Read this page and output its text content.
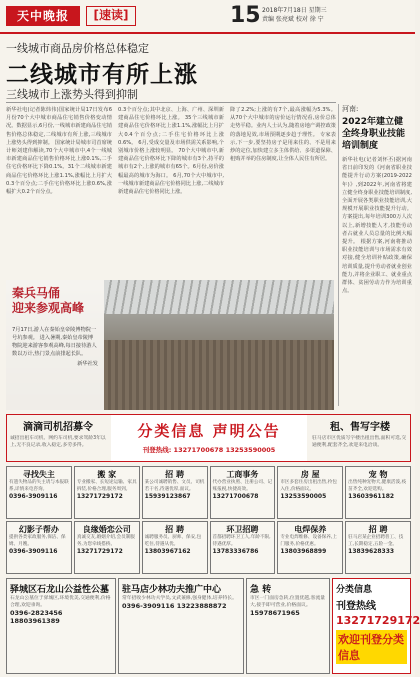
天中晚报	[速读]	15 2018年7月18日 星期三
责编 张亮斌 校对 徐 宁
一线城市商品房价格总体稳定
二线城市有所上涨
三线城市上涨势头得到抑制
新华社电(记者陈炜伟)国家统计局17日发布6月份70个大中城市商品住宅销售价格变动情况。数据显示,6月份,一线城市新建商品住宅销售价格总体稳定,二线城市有所上涨,三线城市上涨势头得到抑制。 国家统计局城市司首席统计师刘建伟解读,70个大中城市中,4个一线城市新建商品住宅销售价格环比上涨0.1%,二手住宅价格环比下降0.1%。31个二线城市新建商品住宅价格环比上涨1.1%,涨幅比上月扩大0.3个百分点;二手住宅价格环比上涨0.6%,涨幅扩大0.2个百分点。
0.3个百分点;其中北京、上海、广州、深圳新建商品住宅价格环比上涨。 35个三线城市新建商品住宅价格环比上涨1.1%,涨幅比上月扩大0.4个百分点;二手住宅价格环比上涨0.6%。 6月,受成交量及市场供需关系影响,个别城市价格上涨较明显。 70个大中城市中,新建商品住宅价格环比下降的城市有3个,持平的城市有2个,上涨的城市有65个。6月份,房价涨幅最高的城市为海口。 6月,70个大中城市中,一线城市新建商品住宅价格同比上涨,二线城市新建商品住宅价格同比上涨。
降了2.2%;上涨的有7个,最高涨幅为5.3%。 从70个大中城市的房价运行情况看,房价总体走势平稳。业内人士认为,随着房地产调控政策的落地见效,市场预期逐步趋于理性。 专家表示,下一步,要坚持房子是用来住的、不是用来炒的定位,加快建立多主体供给、多渠道保障、租购并举的住房制度,让全体人民住有所居。
河南:
2022年建立健全终身职业技能培训制度
新华社电(记者刘怀丕)据河南省日前印发的《河南省职业技能提升行动方案(2019-2022年)》,到2022年,河南省将建立健全终身职业技能培训制度,全面开展各类职业技能培训,大规模开展职业技能提升行动。方案提出,每年培训300万人次以上,新增技能人才,技能劳动者占就业人员总量的比例大幅提升。 根据方案,河南将推动职业技能培训与市场需求有效对接,健全培训补贴政策,确保培训质量,提升劳动者就业创业能力,并将企业职工、就业重点群体、贫困劳动力作为培训重点。
秦兵马俑
迎来参观高峰
7月17日,游人在秦始皇帝陵博物院一号坑参观。 进入暑期,秦始皇帝陵博物院迎来游客参观高峰,每日接待游人数以万计,热门景点前排起长队。
新华社发
滴滴司机招募令

诚招出租车司机、网约车司机,要求驾龄3年以上,无不良记录,收入稳定,多劳多得。

分类信息 声明公告
刊登热线: 13271700678 13253590005
租、售写字楼

驻马店市区优质写字楼出租出售,面积可选,交通便利,配套齐全,欢迎来电洽谈。

寻找失主

有遗失物品的失主请与本报联系,详情来电咨询。

0396-3909116
搬 家

专业搬家、长短途运输、家具拆装,价格合理,服务周到。

13271729172
招 聘

某公司诚聘销售、文员、司机若干名,待遇优厚,面议。

15939123867
工商事务

代办营业执照、注册公司、记账报税,快捷高效。

13271700678
房 屋

市区多套住房出租出售,拎包入住,价格面议。

13253590005
宠 物

出售纯种宠物犬,健康活泼,疫苗齐全,欢迎选购。

13603961182
幻影子帮办

提供各类家政服务,保洁、保姆、月嫂。

0396-3909116
良缘婚恋公司

真诚交友,婚姻介绍,会员制服务,为您牵线搭桥。

13271729172
招 聘

诚聘服务员、厨师、保安,包吃住,待遇从优。

13803967162
环卫招聘

首都招聘环卫工人,年龄不限,待遇优厚。

13783336786
电焊保养

专业电焊维修、设备保养,上门服务,价格优惠。

13803968899
招 聘

驻马店某企业招聘普工、技工,长期稳定,五险一金。

13839628333
驿城区石龙山公益性公墓

石龙山公墓位于驿城区,环境优美,交通便利,价格合理,欢迎垂询。

0396-2823456 18803961389
驻马店少林功夫推广中心

常年招收少林功夫学员,文武兼修,强身健体,培养特长。

0396-3909116 13223888872
急 转

市区一门面房急转,位置优越,客流量大,接手即可营业,价格面议。

15978671965
分类信息
刊登热线
13271729172
欢迎刊登分类信息
